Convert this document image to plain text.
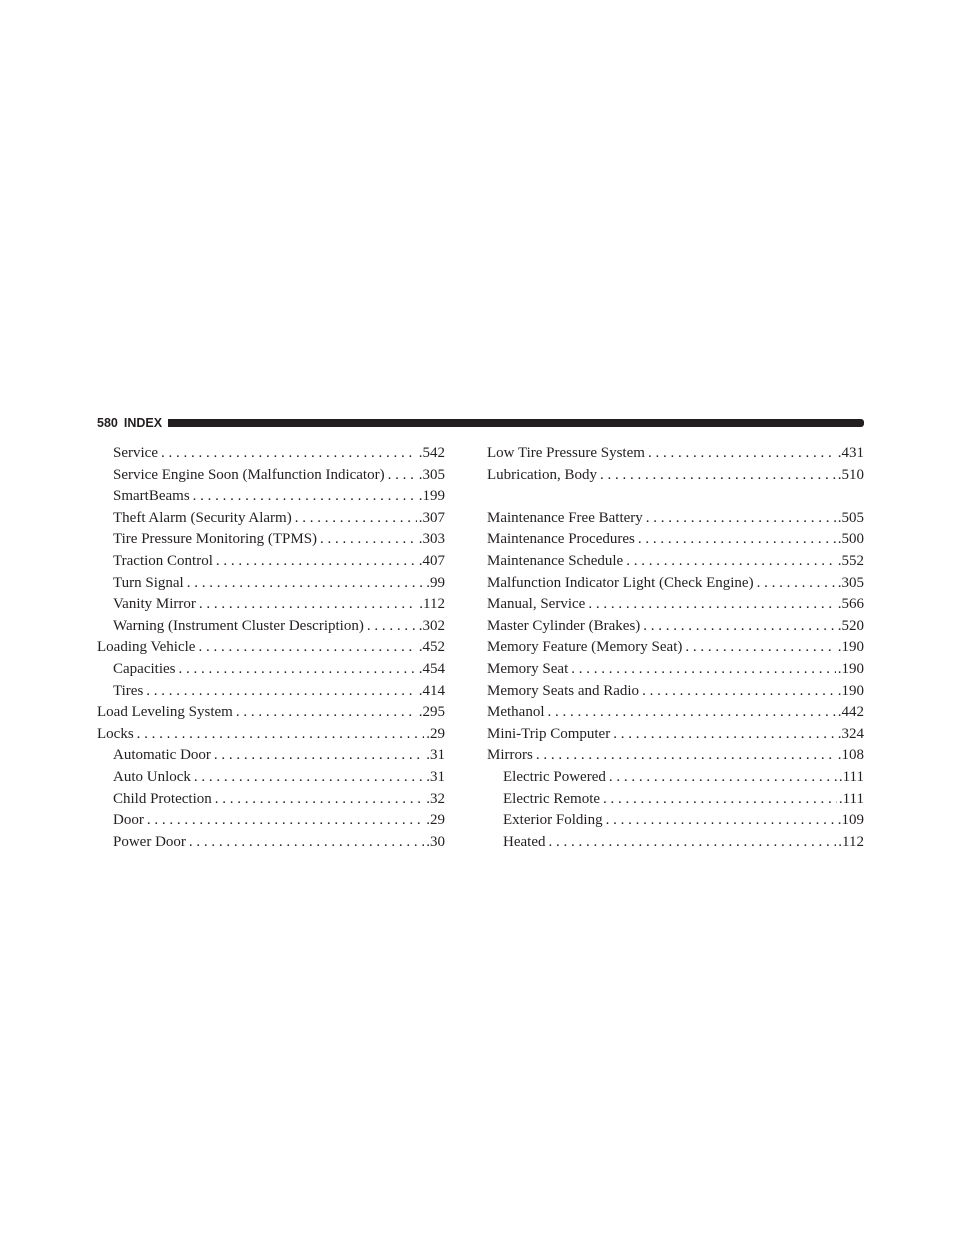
580 INDEX
Service . . .	.542
Service Engine Soon (Malfunction Indicator) . . . .305
SmartBeams . . .	.199
Theft Alarm (Security Alarm) . . .	.307
Tire Pressure Monitoring (TPMS) . . .	.303
Traction Control . . .	.407
Turn Signal . . .	.99
Vanity Mirror . . .	.112
Warning (Instrument Cluster Description) . . .	.302
Loading Vehicle . . .	.452
Capacities . . .	.454
Tires . . .	.414
Load Leveling System . . .	.295
Locks . . .	.29
Automatic Door . . .	.31
Auto Unlock . . .	.31
Child Protection . . .	.32
Door . . .	.29
Power Door . . .	.30
Low Tire Pressure System . . .	.431
Lubrication, Body . . .	.510
Maintenance Free Battery . . .	.505
Maintenance Procedures . . .	.500
Maintenance Schedule . . .	.552
Malfunction Indicator Light (Check Engine) . . .	.305
Manual, Service . . .	.566
Master Cylinder (Brakes) . . .	.520
Memory Feature (Memory Seat) . . .	.190
Memory Seat . . .	.190
Memory Seats and Radio . . .	.190
Methanol . . .	.442
Mini-Trip Computer . . .	.324
Mirrors . . .	.108
Electric Powered . . .	.111
Electric Remote . . .	.111
Exterior Folding . . .	.109
Heated . . .	.112
